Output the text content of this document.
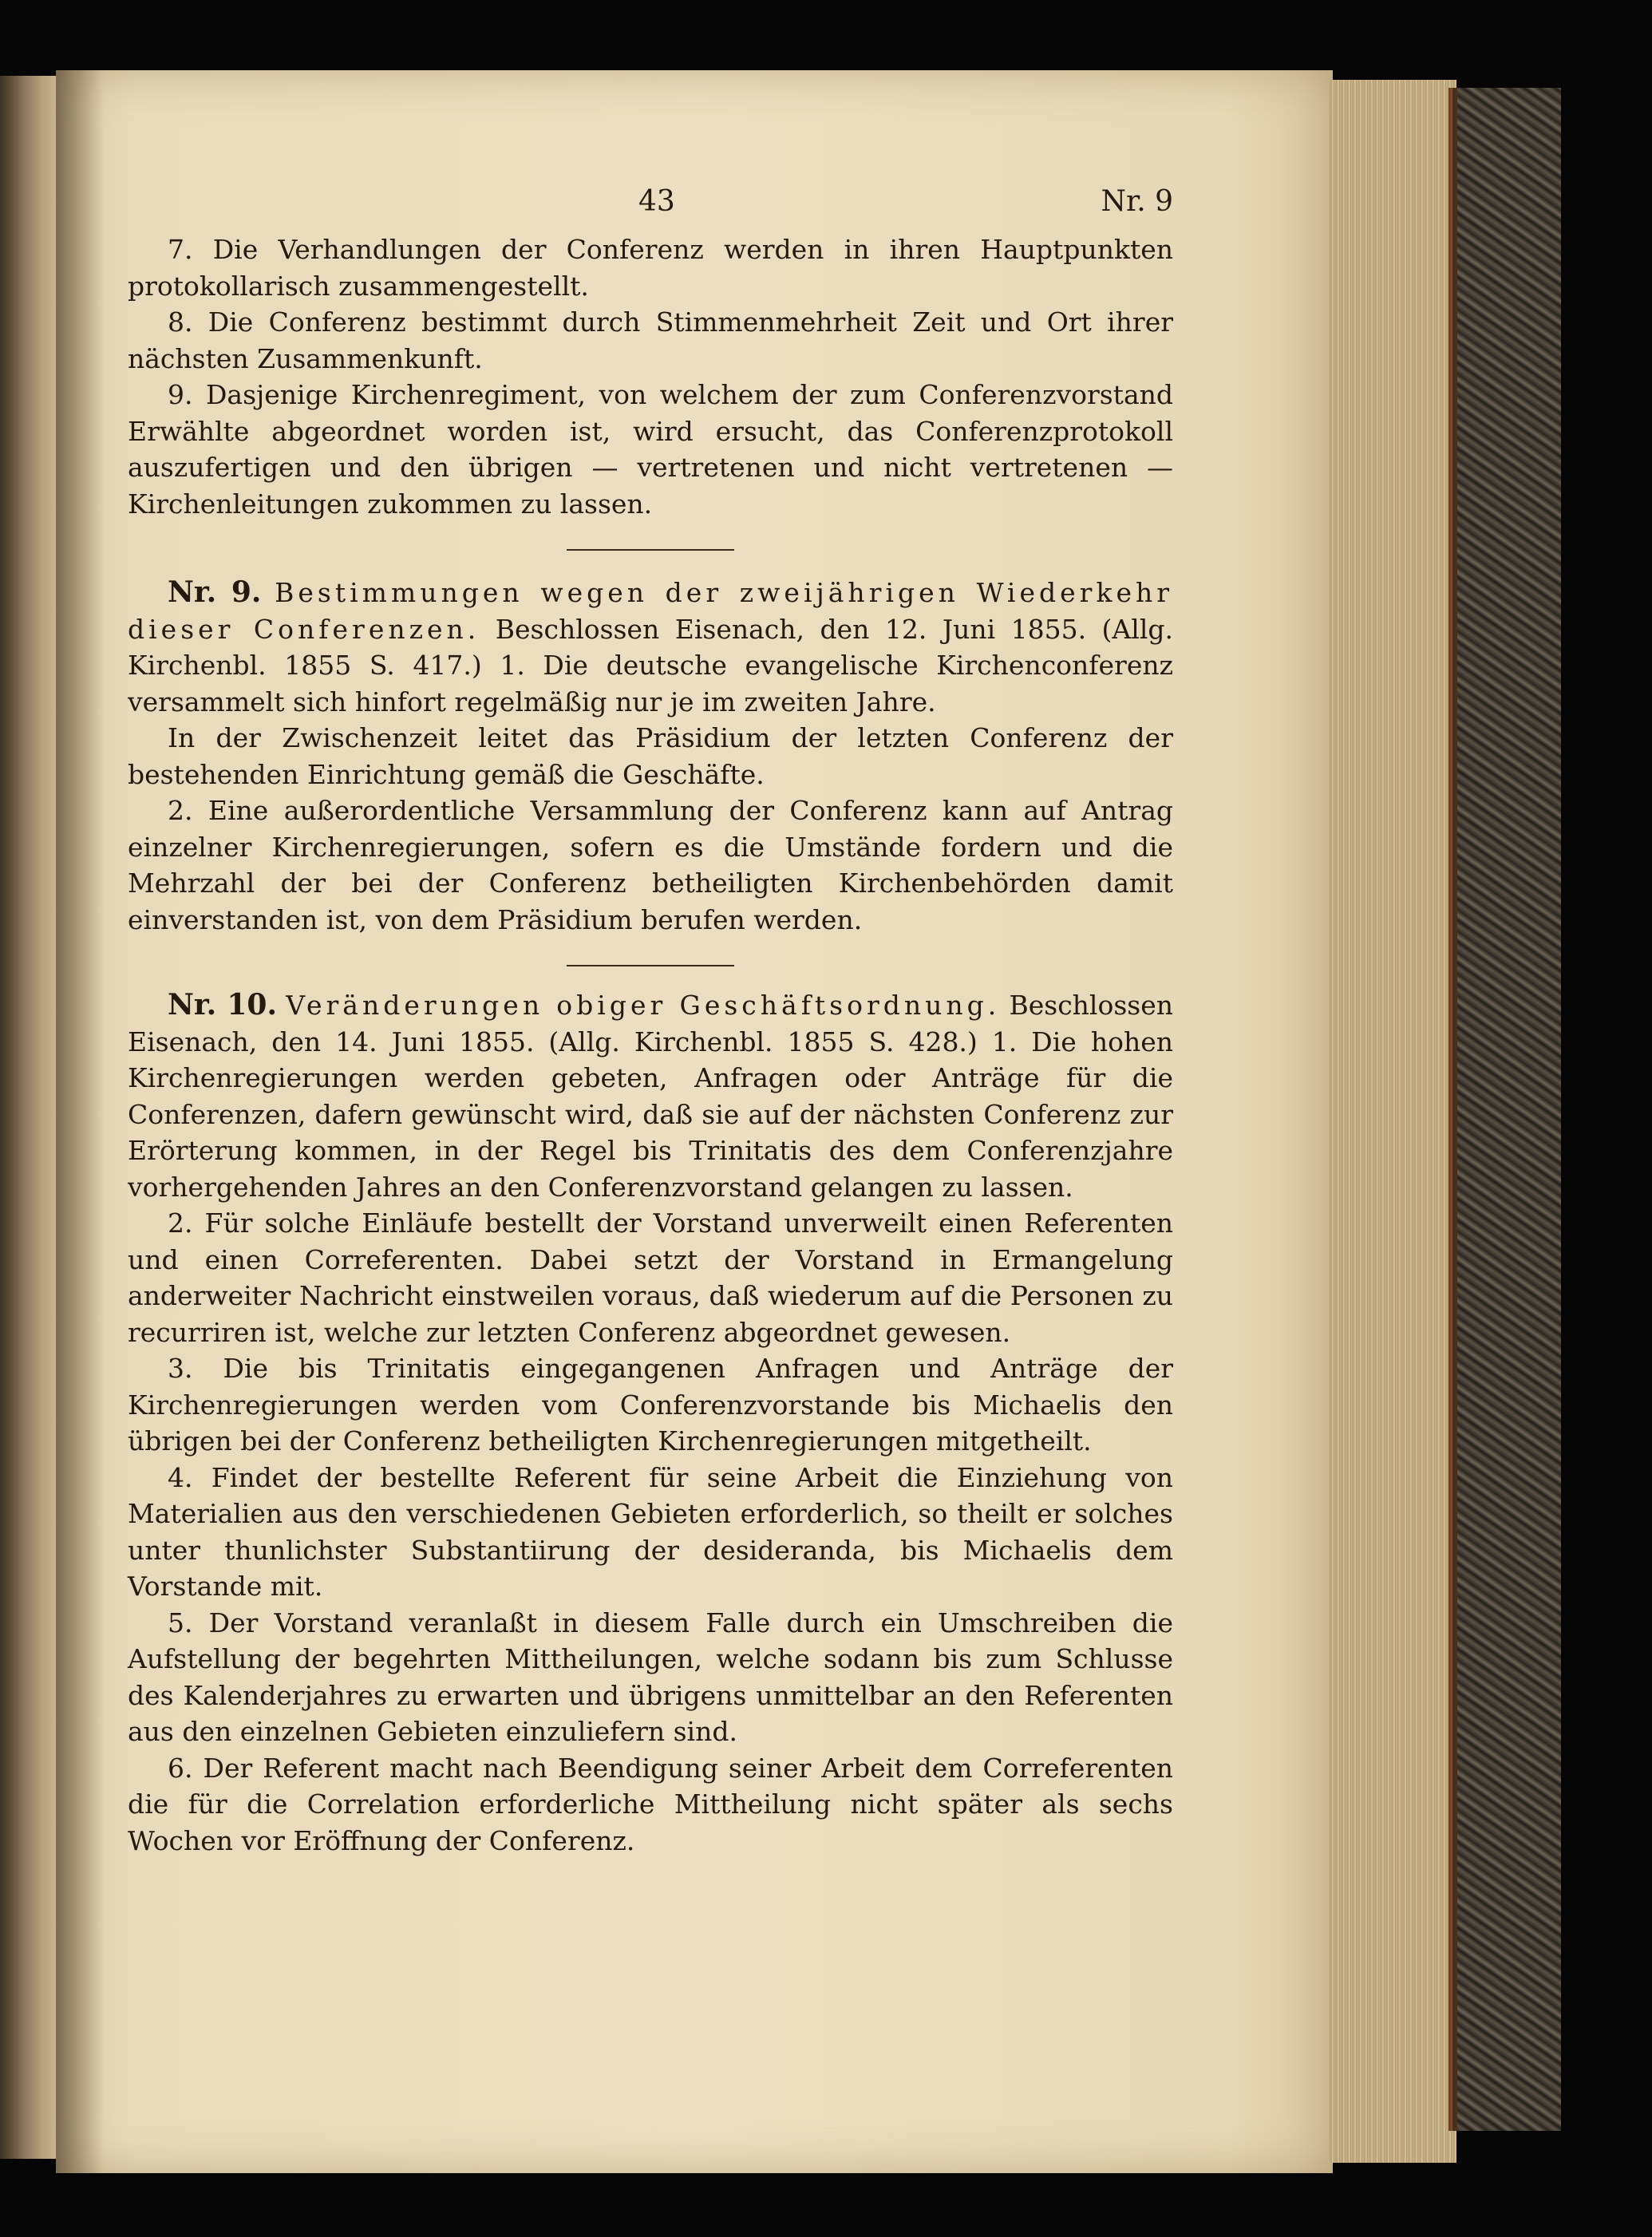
43	Nr. 9

7. Die Verhandlungen der Conferenz werden in ihren Hauptpunkten protokollarisch zusammengestellt.

8. Die Conferenz bestimmt durch Stimmenmehrheit Zeit und Ort ihrer nächsten Zusammenkunft.

9. Dasjenige Kirchenregiment, von welchem der zum Conferenzvorstand Erwählte abgeordnet worden ist, wird ersucht, das Conferenzprotokoll auszufertigen und den übrigen — vertretenen und nicht vertretenen — Kirchenleitungen zukommen zu lassen.

Nr. 9. Bestimmungen wegen der zweijährigen Wiederkehr dieser Conferenzen. Beschlossen Eisenach, den 12. Juni 1855. (Allg. Kirchenbl. 1855 S. 417.) 1. Die deutsche evangelische Kirchenconferenz versammelt sich hinfort regelmäßig nur je im zweiten Jahre.

In der Zwischenzeit leitet das Präsidium der letzten Conferenz der bestehenden Einrichtung gemäß die Geschäfte.

2. Eine außerordentliche Versammlung der Conferenz kann auf Antrag einzelner Kirchenregierungen, sofern es die Umstände fordern und die Mehrzahl der bei der Conferenz betheiligten Kirchenbehörden damit einverstanden ist, von dem Präsidium berufen werden.

Nr. 10. Veränderungen obiger Geschäftsordnung. Beschlossen Eisenach, den 14. Juni 1855. (Allg. Kirchenbl. 1855 S. 428.) 1. Die hohen Kirchenregierungen werden gebeten, Anfragen oder Anträge für die Conferenzen, dafern gewünscht wird, daß sie auf der nächsten Conferenz zur Erörterung kommen, in der Regel bis Trinitatis des dem Conferenzjahre vorhergehenden Jahres an den Conferenzvorstand gelangen zu lassen.

2. Für solche Einläufe bestellt der Vorstand unverweilt einen Referenten und einen Correferenten. Dabei setzt der Vorstand in Ermangelung anderweiter Nachricht einstweilen voraus, daß wiederum auf die Personen zu recurriren ist, welche zur letzten Conferenz abgeordnet gewesen.

3. Die bis Trinitatis eingegangenen Anfragen und Anträge der Kirchenregierungen werden vom Conferenzvorstande bis Michaelis den übrigen bei der Conferenz betheiligten Kirchenregierungen mitgetheilt.

4. Findet der bestellte Referent für seine Arbeit die Einziehung von Materialien aus den verschiedenen Gebieten erforderlich, so theilt er solches unter thunlichster Substantiirung der desideranda, bis Michaelis dem Vorstande mit.

5. Der Vorstand veranlaßt in diesem Falle durch ein Umschreiben die Aufstellung der begehrten Mittheilungen, welche sodann bis zum Schlusse des Kalenderjahres zu erwarten und übrigens unmittelbar an den Referenten aus den einzelnen Gebieten einzuliefern sind.

6. Der Referent macht nach Beendigung seiner Arbeit dem Correferenten die für die Correlation erforderliche Mittheilung nicht später als sechs Wochen vor Eröffnung der Conferenz.
